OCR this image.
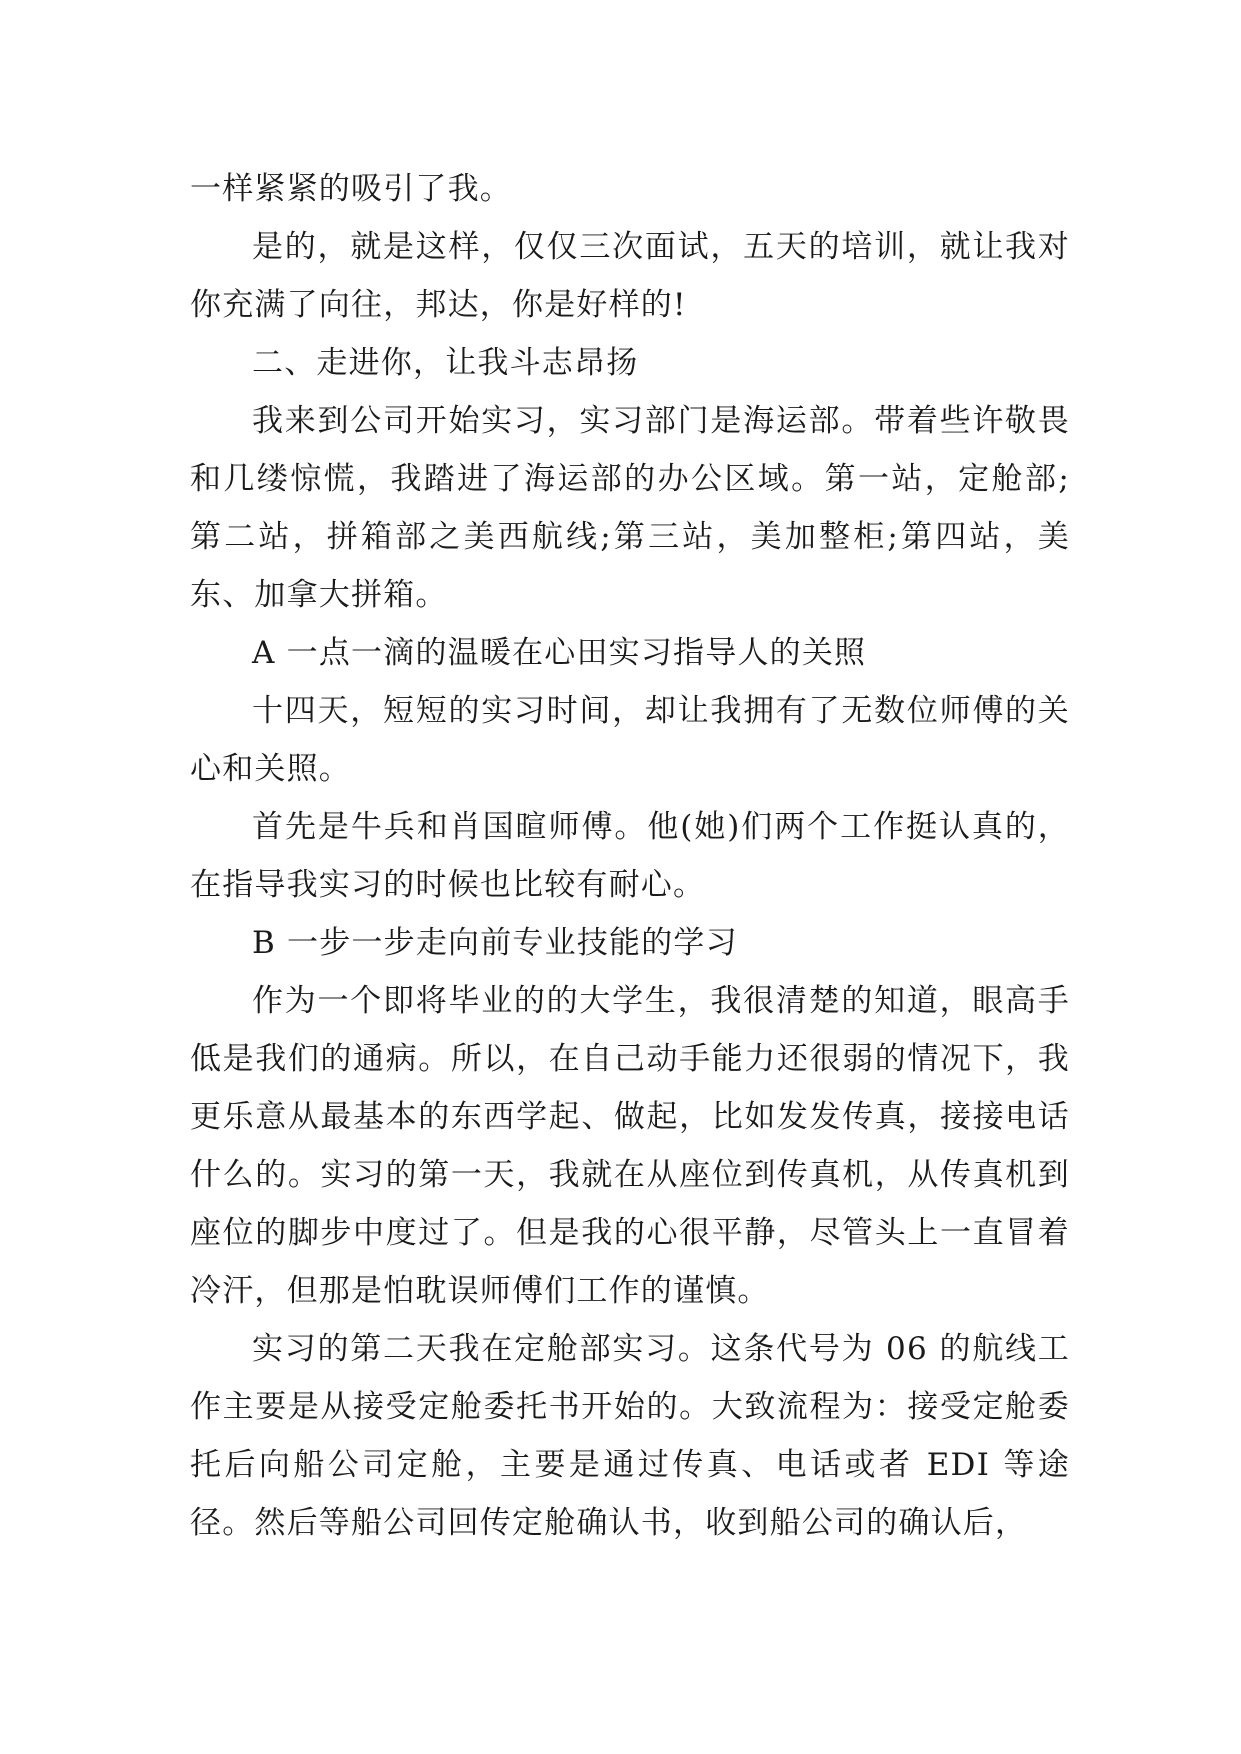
一样紧紧的吸引了我。

是的，就是这样，仅仅三次面试，五天的培训，就让我对你充满了向往，邦达，你是好样的!

二、走进你，让我斗志昂扬

我来到公司开始实习，实习部门是海运部。带着些许敬畏和几缕惊慌，我踏进了海运部的办公区域。第一站，定舱部;第二站，拼箱部之美西航线;第三站，美加整柜;第四站，美东、加拿大拼箱。

A 一点一滴的温暖在心田实习指导人的关照

十四天，短短的实习时间，却让我拥有了无数位师傅的关心和关照。

首先是牛兵和肖国暄师傅。他(她)们两个工作挺认真的，在指导我实习的时候也比较有耐心。

B 一步一步走向前专业技能的学习

作为一个即将毕业的的大学生，我很清楚的知道，眼高手低是我们的通病。所以，在自己动手能力还很弱的情况下，我更乐意从最基本的东西学起、做起，比如发发传真，接接电话什么的。实习的第一天，我就在从座位到传真机，从传真机到座位的脚步中度过了。但是我的心很平静，尽管头上一直冒着冷汗，但那是怕耽误师傅们工作的谨慎。

实习的第二天我在定舱部实习。这条代号为 06 的航线工作主要是从接受定舱委托书开始的。大致流程为：接受定舱委托后向船公司定舱，主要是通过传真、电话或者 EDI 等途径。然后等船公司回传定舱确认书，收到船公司的确认后，
